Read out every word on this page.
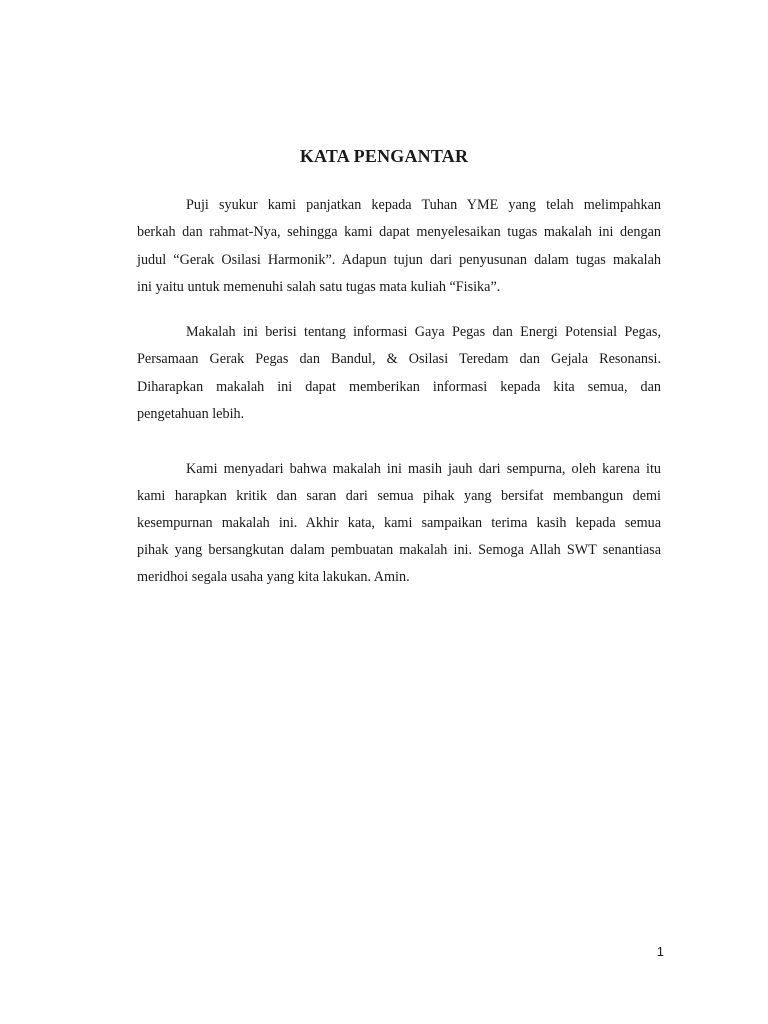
KATA PENGANTAR
Puji syukur kami panjatkan kepada Tuhan YME yang telah melimpahkan
berkah dan rahmat-Nya, sehingga kami dapat menyelesaikan tugas makalah ini dengan
judul “Gerak Osilasi Harmonik”. Adapun tujun dari penyusunan dalam tugas makalah
ini yaitu untuk memenuhi salah satu tugas mata kuliah “Fisika”.
Makalah ini berisi tentang informasi Gaya Pegas dan Energi Potensial Pegas,
Persamaan Gerak Pegas dan Bandul, & Osilasi Teredam dan Gejala Resonansi.
Diharapkan makalah ini dapat memberikan informasi kepada kita semua, dan
pengetahuan lebih.
Kami menyadari bahwa makalah ini masih jauh dari sempurna, oleh karena itu
kami harapkan kritik dan saran dari semua pihak yang bersifat membangun demi
kesempurnan makalah ini. Akhir kata, kami sampaikan terima kasih kepada semua
pihak yang bersangkutan dalam pembuatan makalah ini. Semoga Allah SWT senantiasa
meridhoi segala usaha yang kita lakukan. Amin.
1
